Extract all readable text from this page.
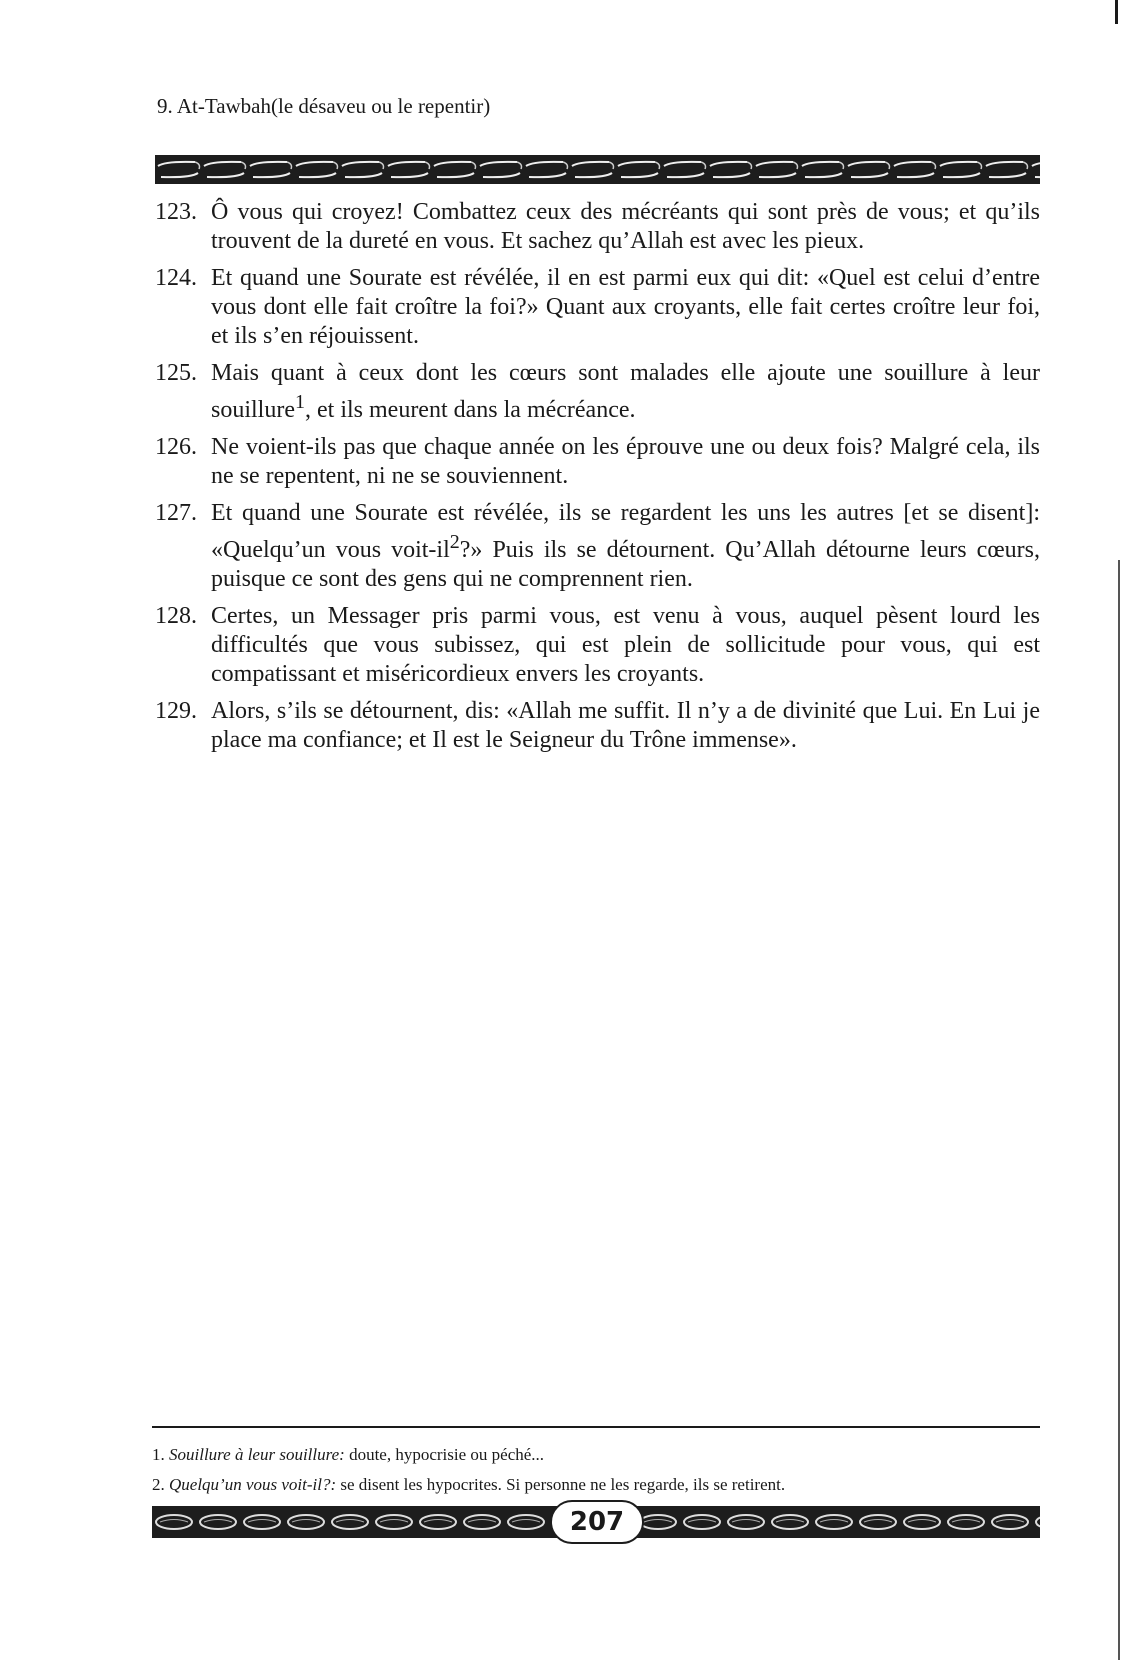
9. At-Tawbah(le désaveu ou le repentir)
123. Ô vous qui croyez! Combattez ceux des mécréants qui sont près de vous; et qu’ils trouvent de la dureté en vous. Et sachez qu’Allah est avec les pieux.
124. Et quand une Sourate est révélée, il en est parmi eux qui dit: «Quel est celui d’entre vous dont elle fait croître la foi?» Quant aux croyants, elle fait certes croître leur foi, et ils s’en réjouissent.
125. Mais quant à ceux dont les cœurs sont malades elle ajoute une souillure à leur souillure$^1$, et ils meurent dans la mécréance.
126. Ne voient-ils pas que chaque année on les éprouve une ou deux fois? Malgré cela, ils ne se repentent, ni ne se souviennent.
127. Et quand une Sourate est révélée, ils se regardent les uns les autres [et se disent]: «Quelqu’un vous voit-$il^2$?» Puis ils se détournent. Qu’Allah détourne leurs cœurs, puisque ce sont des gens qui ne comprennent rien.
128. Certes, un Messager pris parmi vous, est venu à vous, auquel pèsent lourd les difficultés que vous subissez, qui est plein de sollicitude pour vous, qui est compatissant et miséricordieux envers les croyants.
129. Alors, s’ils se détournent, dis: «Allah me suffit. Il n’y a de divinité que Lui. En Lui je place ma confiance; et Il est le Seigneur du Trône immense».
1. Souillure à leur souillure: doute, hypocrisie ou péché...
2. Quelqu’un vous voit-il?: se disent les hypocrites. Si personne ne les regarde, ils se retirent.
207
